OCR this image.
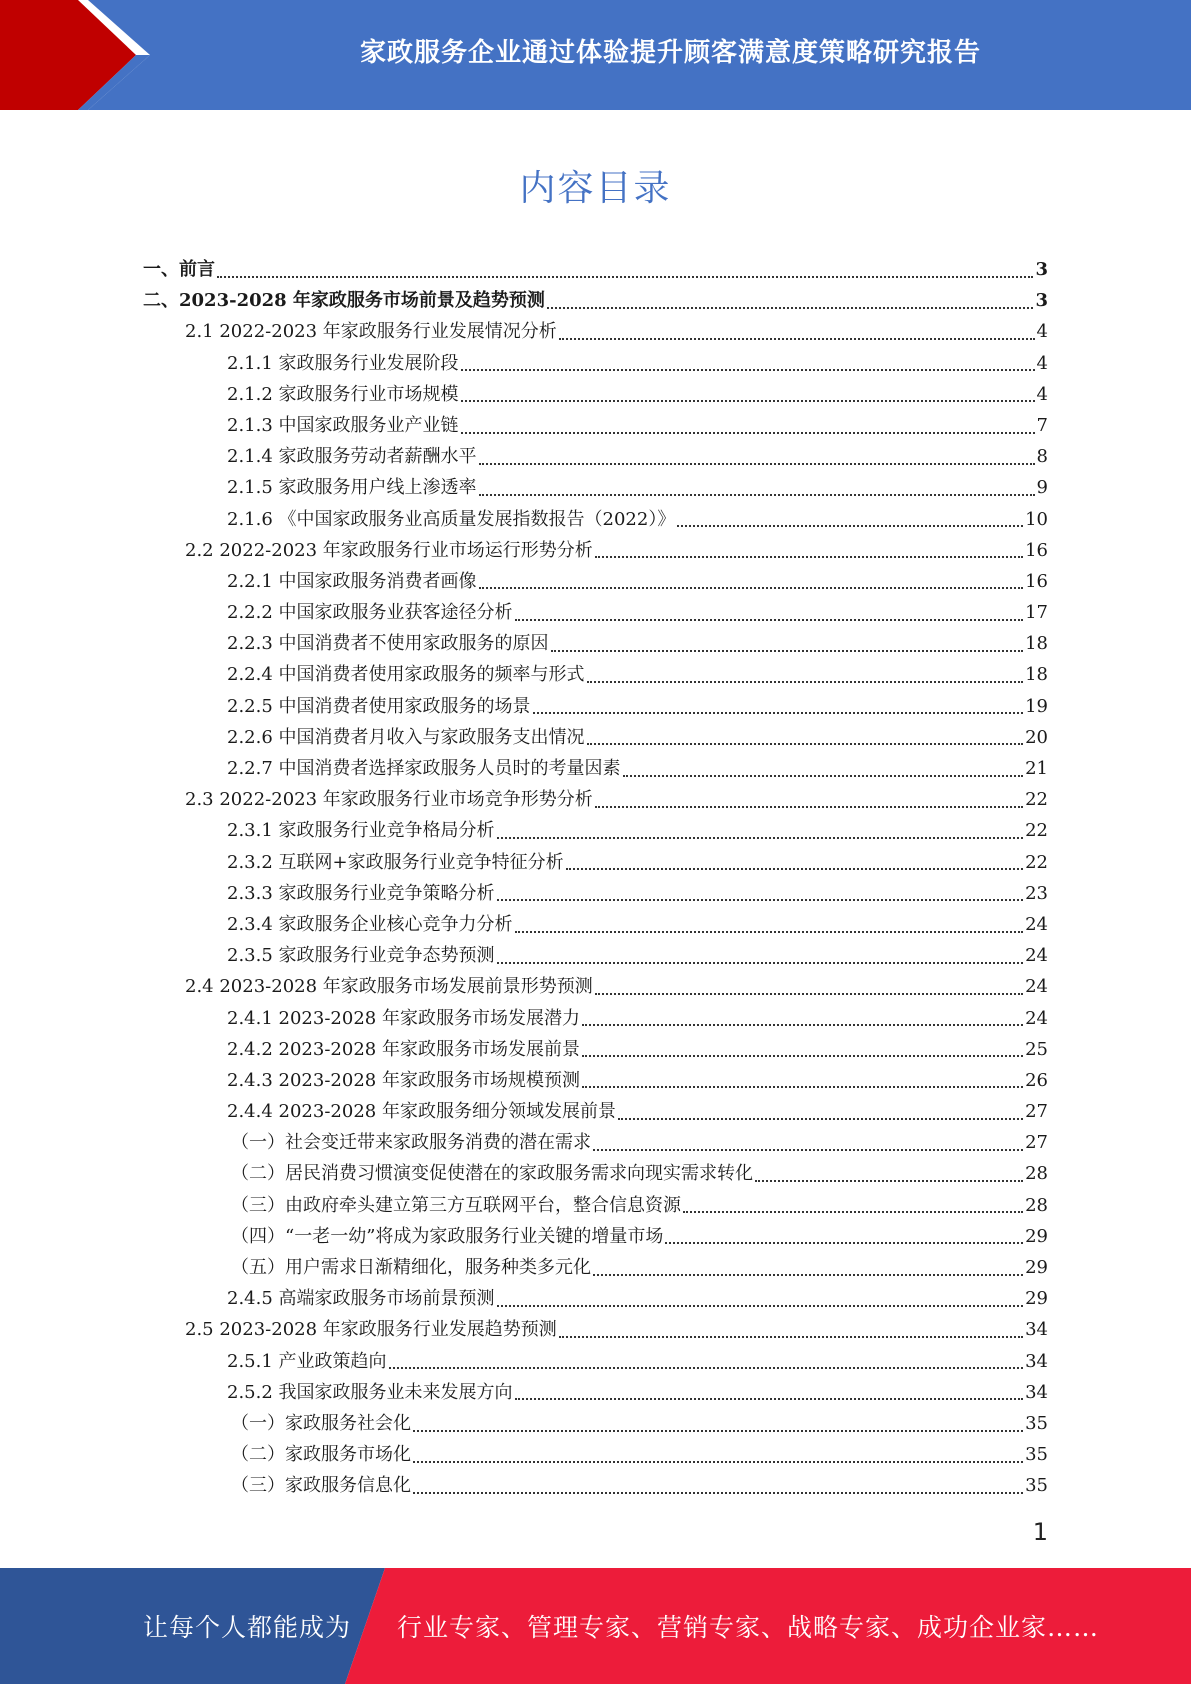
家政服务企业通过体验提升顾客满意度策略研究报告
内容目录
一、前言	3
二、2023-2028 年家政服务市场前景及趋势预测	3
2.1 2022-2023 年家政服务行业发展情况分析	4
2.1.1 家政服务行业发展阶段	4
2.1.2 家政服务行业市场规模	4
2.1.3 中国家政服务业产业链	7
2.1.4 家政服务劳动者薪酬水平	8
2.1.5 家政服务用户线上渗透率	9
2.1.6 《中国家政服务业高质量发展指数报告（2022）》	10
2.2 2022-2023 年家政服务行业市场运行形势分析	16
2.2.1 中国家政服务消费者画像	16
2.2.2 中国家政服务业获客途径分析	17
2.2.3 中国消费者不使用家政服务的原因	18
2.2.4 中国消费者使用家政服务的频率与形式	18
2.2.5 中国消费者使用家政服务的场景	19
2.2.6 中国消费者月收入与家政服务支出情况	20
2.2.7 中国消费者选择家政服务人员时的考量因素	21
2.3 2022-2023 年家政服务行业市场竞争形势分析	22
2.3.1 家政服务行业竞争格局分析	22
2.3.2 互联网+家政服务行业竞争特征分析	22
2.3.3 家政服务行业竞争策略分析	23
2.3.4 家政服务企业核心竞争力分析	24
2.3.5 家政服务行业竞争态势预测	24
2.4 2023-2028 年家政服务市场发展前景形势预测	24
2.4.1 2023-2028 年家政服务市场发展潜力	24
2.4.2 2023-2028 年家政服务市场发展前景	25
2.4.3 2023-2028 年家政服务市场规模预测	26
2.4.4 2023-2028 年家政服务细分领域发展前景	27
（一）社会变迁带来家政服务消费的潜在需求	27
（二）居民消费习惯演变促使潜在的家政服务需求向现实需求转化	28
（三）由政府牵头建立第三方互联网平台，整合信息资源	28
（四）“一老一幼”将成为家政服务行业关键的增量市场	29
（五）用户需求日渐精细化，服务种类多元化	29
2.4.5 高端家政服务市场前景预测	29
2.5 2023-2028 年家政服务行业发展趋势预测	34
2.5.1 产业政策趋向	34
2.5.2 我国家政服务业未来发展方向	34
（一）家政服务社会化	35
（二）家政服务市场化	35
（三）家政服务信息化	35
1
让每个人都能成为 行业专家、管理专家、营销专家、战略专家、成功企业家……
